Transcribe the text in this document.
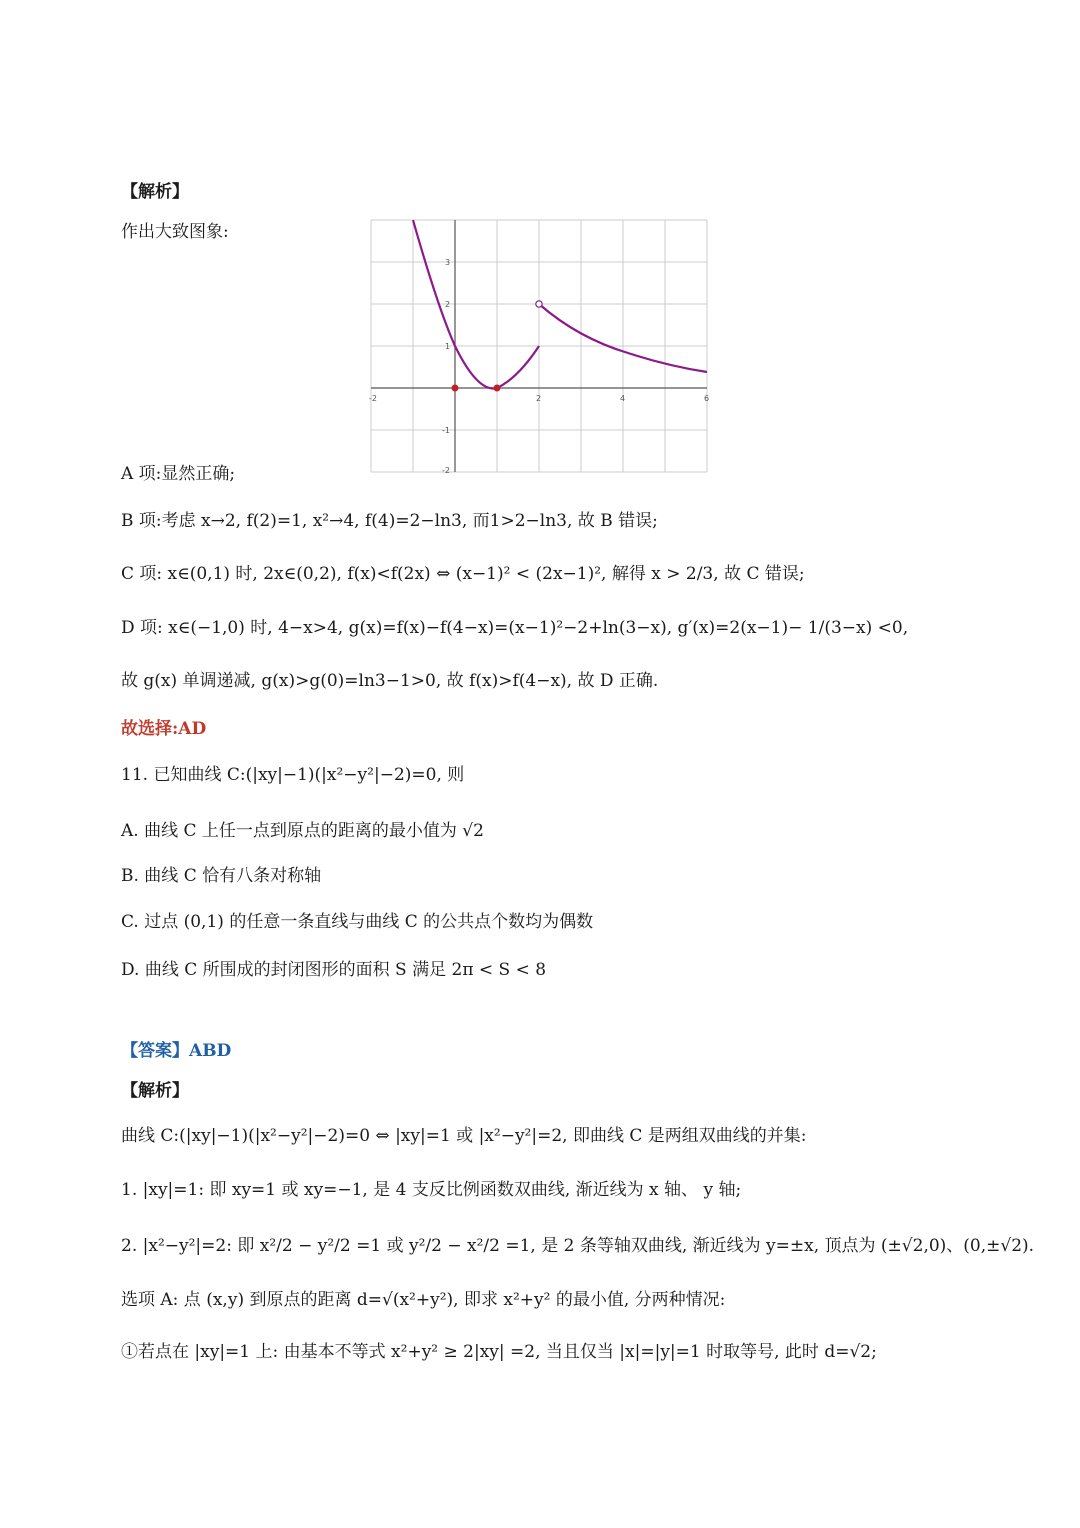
【解析】
作出大致图象:
-2	2	4	6
3
2
1
-1
-2
A 项:显然正确;
B 项:考虑 x→2, f(2)=1, x²→4, f(4)=2−ln3, 而1>2−ln3, 故 B 错误;
C 项: x∈(0,1) 时, 2x∈(0,2), f(x)<f(2x) ⇔ (x−1)² < (2x−1)², 解得 x > 2/3, 故 C 错误;
D 项: x∈(−1,0) 时, 4−x>4, g(x)=f(x)−f(4−x)=(x−1)²−2+ln(3−x), g′(x)=2(x−1)− 1/(3−x) <0,
故 g(x) 单调递减, g(x)>g(0)=ln3−1>0, 故 f(x)>f(4−x), 故 D 正确.
故选择:AD
11. 已知曲线 C:(|xy|−1)(|x²−y²|−2)=0, 则
A. 曲线 C 上任一点到原点的距离的最小值为 √2
B. 曲线 C 恰有八条对称轴
C. 过点 (0,1) 的任意一条直线与曲线 C 的公共点个数均为偶数
D. 曲线 C 所围成的封闭图形的面积 S 满足 2π < S < 8
【答案】ABD
【解析】
曲线 C:(|xy|−1)(|x²−y²|−2)=0 ⇔ |xy|=1 或 |x²−y²|=2, 即曲线 C 是两组双曲线的并集:
1. |xy|=1: 即 xy=1 或 xy=−1, 是 4 支反比例函数双曲线, 渐近线为 x 轴、 y 轴;
2. |x²−y²|=2: 即 x²/2 − y²/2 =1 或 y²/2 − x²/2 =1, 是 2 条等轴双曲线, 渐近线为 y=±x, 顶点为 (±√2,0)、(0,±√2).
选项 A: 点 (x,y) 到原点的距离 d=√(x²+y²), 即求 x²+y² 的最小值, 分两种情况:
①若点在 |xy|=1 上: 由基本不等式 x²+y² ≥ 2|xy| =2, 当且仅当 |x|=|y|=1 时取等号, 此时 d=√2;
